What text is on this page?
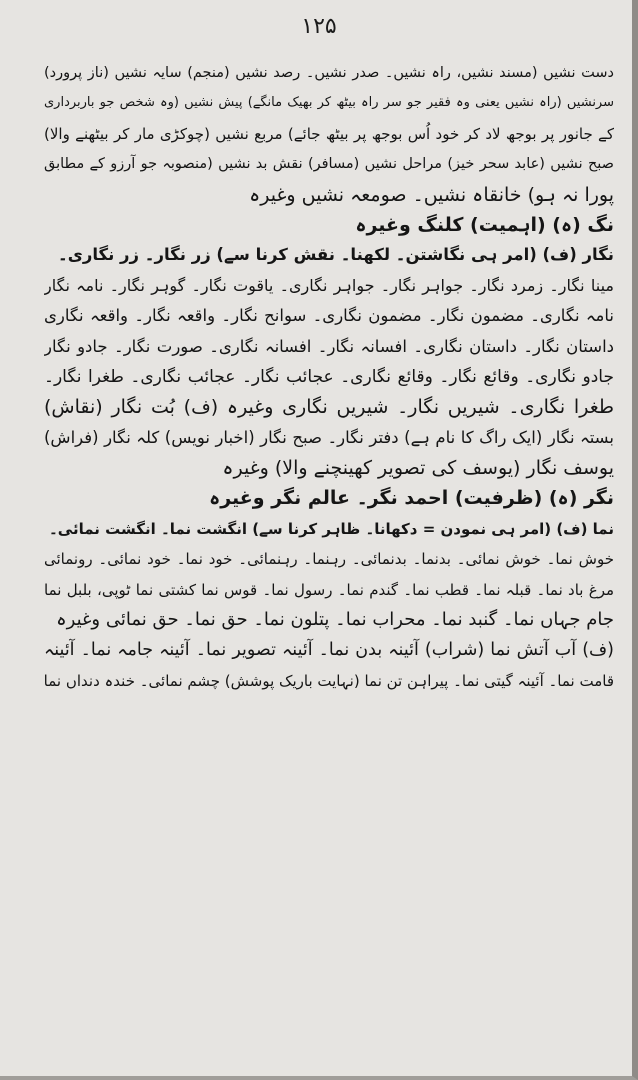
۱۲۵
دست نشیں (مسند نشیں، راہ نشیں۔ صدر نشیں۔ رصد نشیں (منجم) سایہ نشیں (ناز پرورد)
سرنشیں (راہ نشیں یعنی وہ فقیر جو سر راہ بیٹھ کر بھیک مانگے) پیش نشیں (وہ شخص جو باربرداری
کے جانور پر بوجھ لاد کر خود اُس بوجھ پر بیٹھ جائے) مربع نشیں (چوکڑی مار کر بیٹھنے والا)
صبح نشیں (عابد سحر خیز) مراحل نشیں (مسافر) نقش بد نشیں (منصوبہ جو آرزو کے مطابق
پورا نہ ہو) خانقاہ نشیں۔ صومعہ نشیں وغیرہ
نگ (ہ) (اہمیت) کلنگ وغیرہ
نگار (ف) (امر ہی نگاشتن۔ لکھنا۔ نقش کرنا سے) زر نگار۔ زر نگاری۔
مینا نگار۔ زمرد نگار۔ جواہر نگار۔ جواہر نگاری۔ یاقوت نگار۔ گوہر نگار۔ نامہ نگار
نامہ نگاری۔ مضمون نگار۔ مضمون نگاری۔ سوانح نگار۔ واقعہ نگار۔ واقعہ نگاری
داستان نگار۔ داستان نگاری۔ افسانہ نگار۔ افسانہ نگاری۔ صورت نگار۔ جادو نگار
جادو نگاری۔ وقائع نگار۔ وقائع نگاری۔ عجائب نگار۔ عجائب نگاری۔ طغرا نگار۔
طغرا نگاری۔ شیریں نگار۔ شیریں نگاری وغیرہ (ف) بُت نگار (نقاش)
بستہ نگار (ایک راگ کا نام ہے) دفتر نگار۔ صبح نگار (اخبار نویس) کلہ نگار (فراش)
یوسف نگار (یوسف کی تصویر کھینچنے والا) وغیرہ
نگر (ہ) (ظرفیت) احمد نگر۔ عالم نگر وغیرہ
نما (ف) (امر ہی نمودن = دکھانا۔ ظاہر کرنا سے) انگشت نما۔ انگشت نمائی۔
خوش نما۔ خوش نمائی۔ بدنما۔ بدنمائی۔ رہنما۔ رہنمائی۔ خود نما۔ خود نمائی۔ رونمائی
مرغ باد نما۔ قبلہ نما۔ قطب نما۔ گندم نما۔ رسول نما۔ قوس نما کشتی نما ٹوپی، بلبل نما
جام جہاں نما۔ گنبد نما۔ محراب نما۔ پتلون نما۔ حق نما۔ حق نمائی وغیرہ
(ف) آب آتش نما (شراب) آئینہ بدن نما۔ آئینہ تصویر نما۔ آئینہ جامہ نما۔ آئینہ
قامت نما۔ آئینہ گیتی نما۔ پیراہن تن نما (نہایت باریک پوشش) چشم نمائی۔ خندہ دنداں نما
